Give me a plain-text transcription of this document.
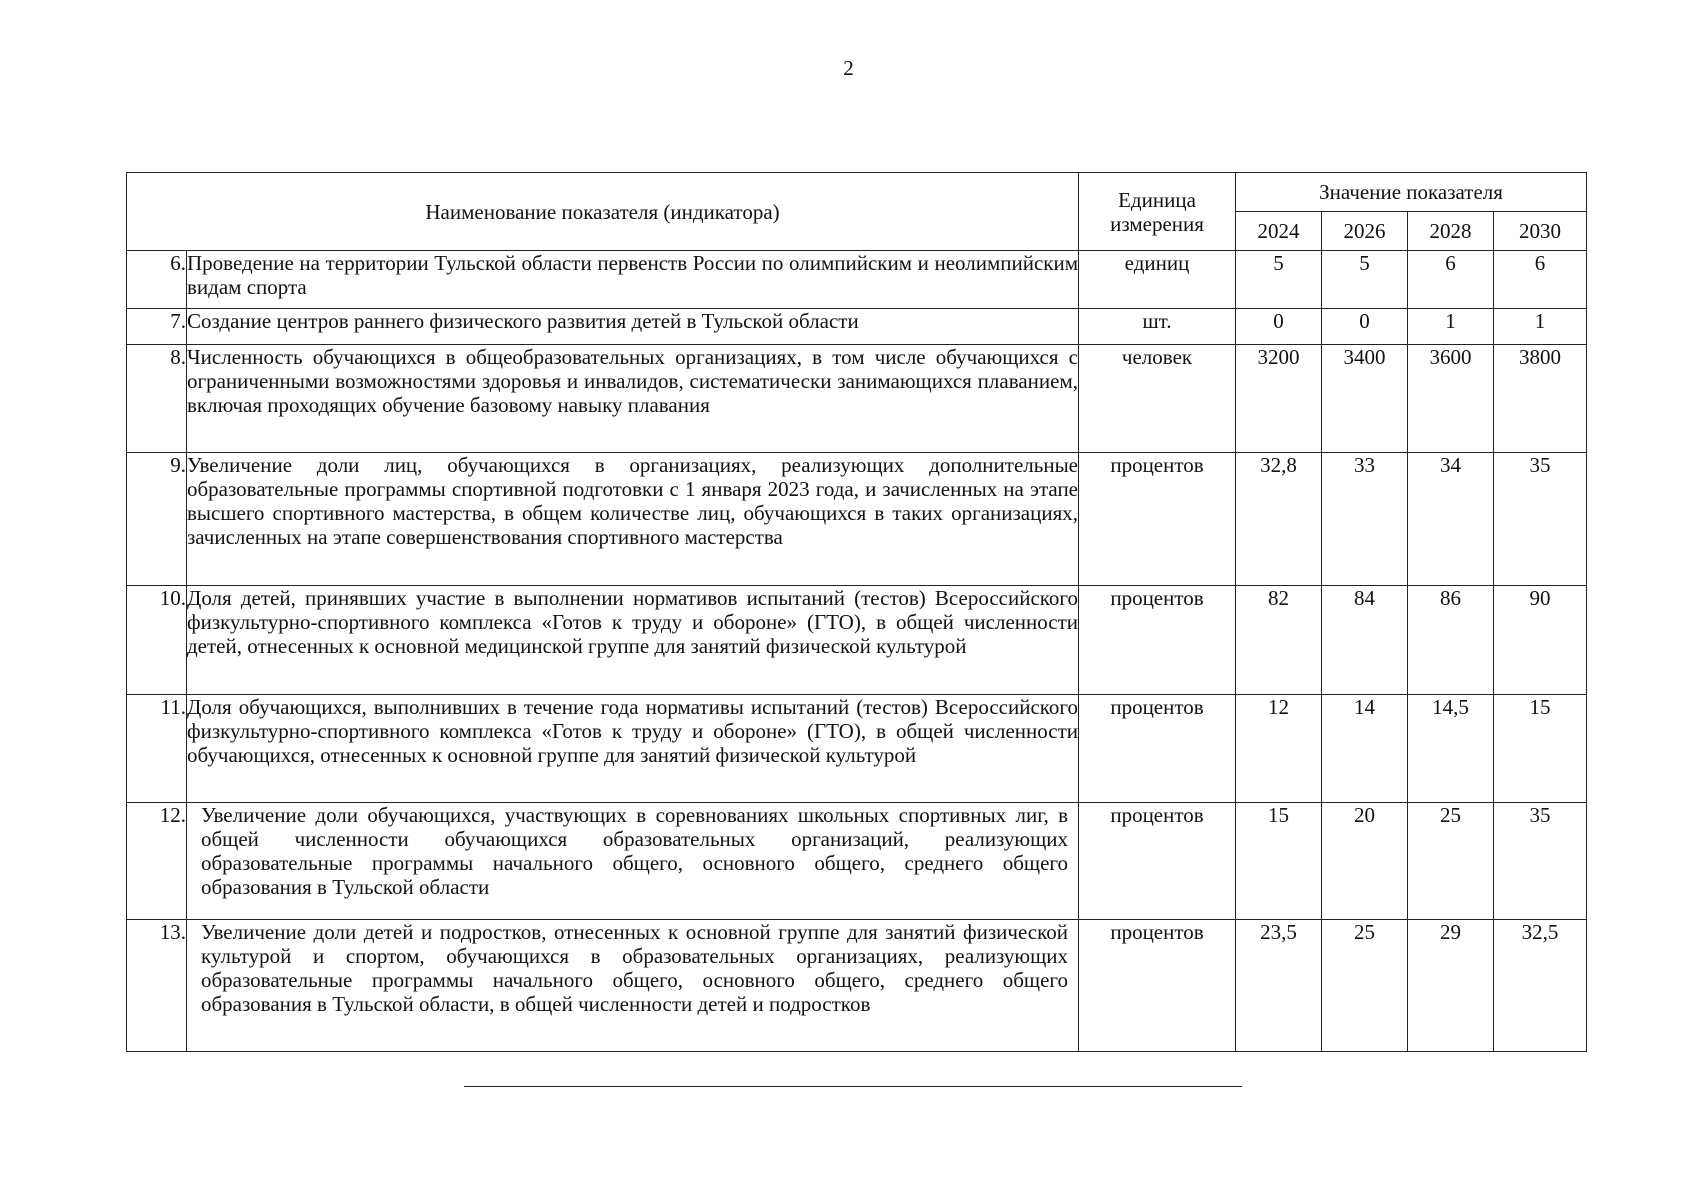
2
Наименование показателя (индикатора)		Единица измерения	Значение показателя			
			2024	2026	2028	2030
6.	Проведение на территории Тульской области первенств России по олимпийским и неолимпийским видам спорта	единиц	5	5	6	6
7.	Создание центров раннего физического развития детей в Тульской области	шт.	0	0	1	1
8.	Численность обучающихся в общеобразовательных организациях, в том числе обучающихся с ограниченными возможностями здоровья и инвалидов, систематически занимающихся плаванием, включая проходящих обучение базовому навыку плавания	человек	3200	3400	3600	3800
9.	Увеличение доли лиц, обучающихся в организациях, реализующих дополнительные образовательные программы спортивной подготовки с 1 января 2023 года, и зачисленных на этапе высшего спортивного мастерства, в общем количестве лиц, обучающихся в таких организациях, зачисленных на этапе совершенствования спортивного мастерства	процентов	32,8	33	34	35
10.	Доля детей, принявших участие в выполнении нормативов испытаний (тестов) Всероссийского физкультурно-спортивного комплекса «Готов к труду и обороне» (ГТО), в общей численности детей, отнесенных к основной медицинской группе для занятий физической культурой	процентов	82	84	86	90
11.	Доля обучающихся, выполнивших в течение года нормативы испытаний (тестов) Всероссийского физкультурно-спортивного комплекса «Готов к труду и обороне» (ГТО), в общей численности обучающихся, отнесенных к основной группе для занятий физической культурой	процентов	12	14	14,5	15
12.	Увеличение доли обучающихся, участвующих в соревнованиях школьных спортивных лиг, в общей численности обучающихся образовательных организаций, реализующих образовательные программы начального общего, основного общего, среднего общего образования в Тульской области	процентов	15	20	25	35
13.	Увеличение доли детей и подростков, отнесенных к основной группе для занятий физической культурой и спортом, обучающихся в образовательных организациях, реализующих образовательные программы начального общего, основного общего, среднего общего образования в Тульской области, в общей численности детей и подростков	процентов	23,5	25	29	32,5
